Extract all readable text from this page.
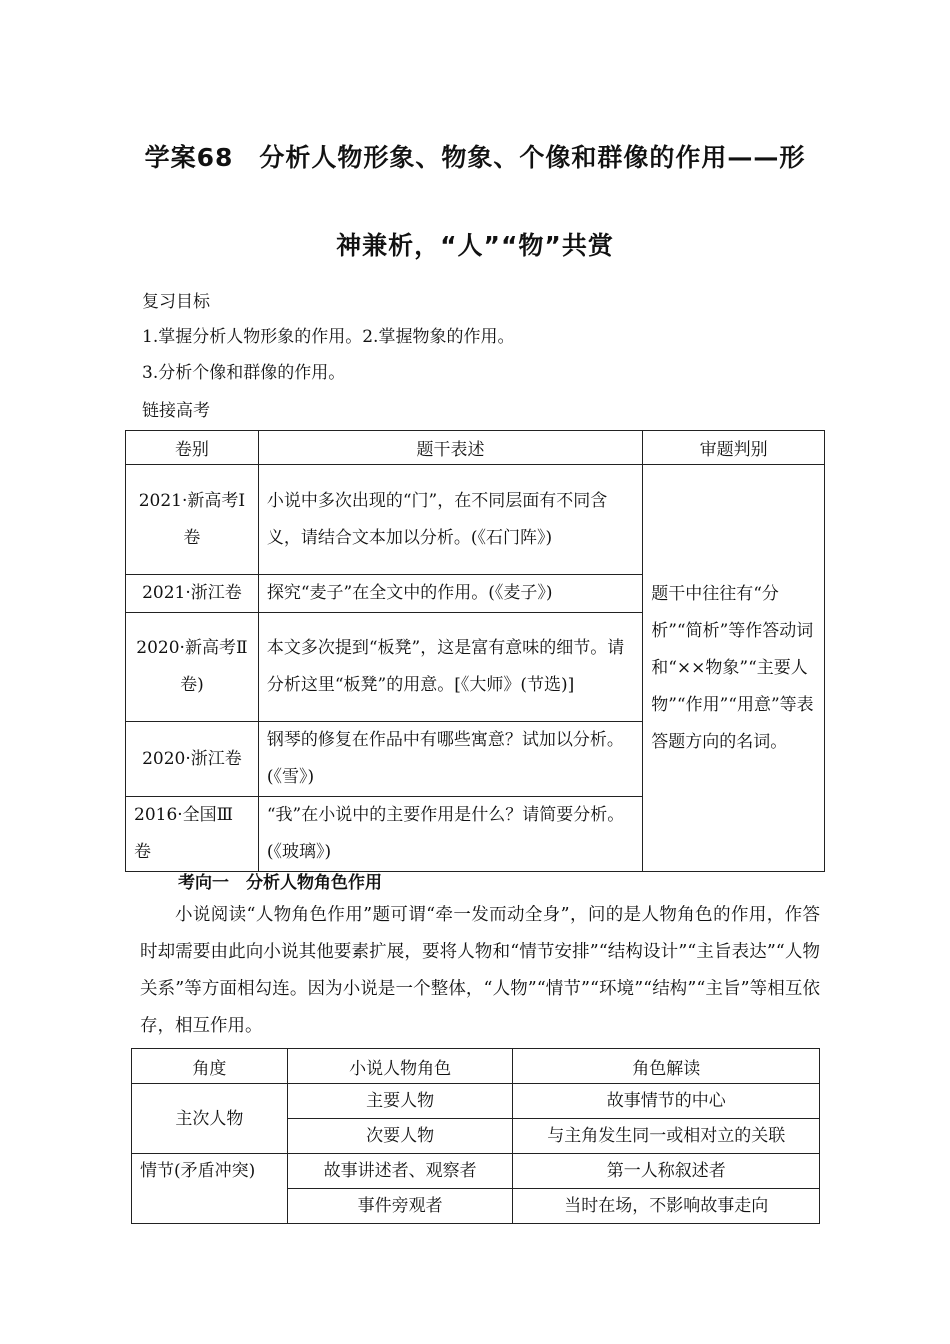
学案68　分析人物形象、物象、个像和群像的作用——形
神兼析，“人”“物”共赏
复习目标
1.掌握分析人物形象的作用。2.掌握物象的作用。
3.分析个像和群像的作用。
链接高考
卷别	题干表述	审题判别
2021·新高考Ⅰ卷	小说中多次出现的“门”，在不同层面有不同含义，请结合文本加以分析。(《石门阵》)	题干中往往有“分析”“简析”等作答动词和“××物象”“主要人物”“作用”“用意”等表答题方向的名词。
2021·浙江卷	探究“麦子”在全文中的作用。(《麦子》)	
2020·新高考Ⅱ卷)	本文多次提到“板凳”，这是富有意味的细节。请分析这里“板凳”的用意。[《大师》(节选)]	
2020·浙江卷	钢琴的修复在作品中有哪些寓意？试加以分析。(《雪》)	
2016·全国Ⅲ卷	“我”在小说中的主要作用是什么？请简要分析。(《玻璃》)	
考向一　分析人物角色作用
小说阅读“人物角色作用”题可谓“牵一发而动全身”，问的是人物角色的作用，作答时却需要由此向小说其他要素扩展，要将人物和“情节安排”“结构设计”“主旨表达”“人物关系”等方面相勾连。因为小说是一个整体，“人物”“情节”“环境”“结构”“主旨”等相互依存，相互作用。
角度	小说人物角色	角色解读
主次人物	主要人物	故事情节的中心
	次要人物	与主角发生同一或相对立的关联
情节(矛盾冲突)	故事讲述者、观察者	第一人称叙述者
	事件旁观者	当时在场，不影响故事走向
